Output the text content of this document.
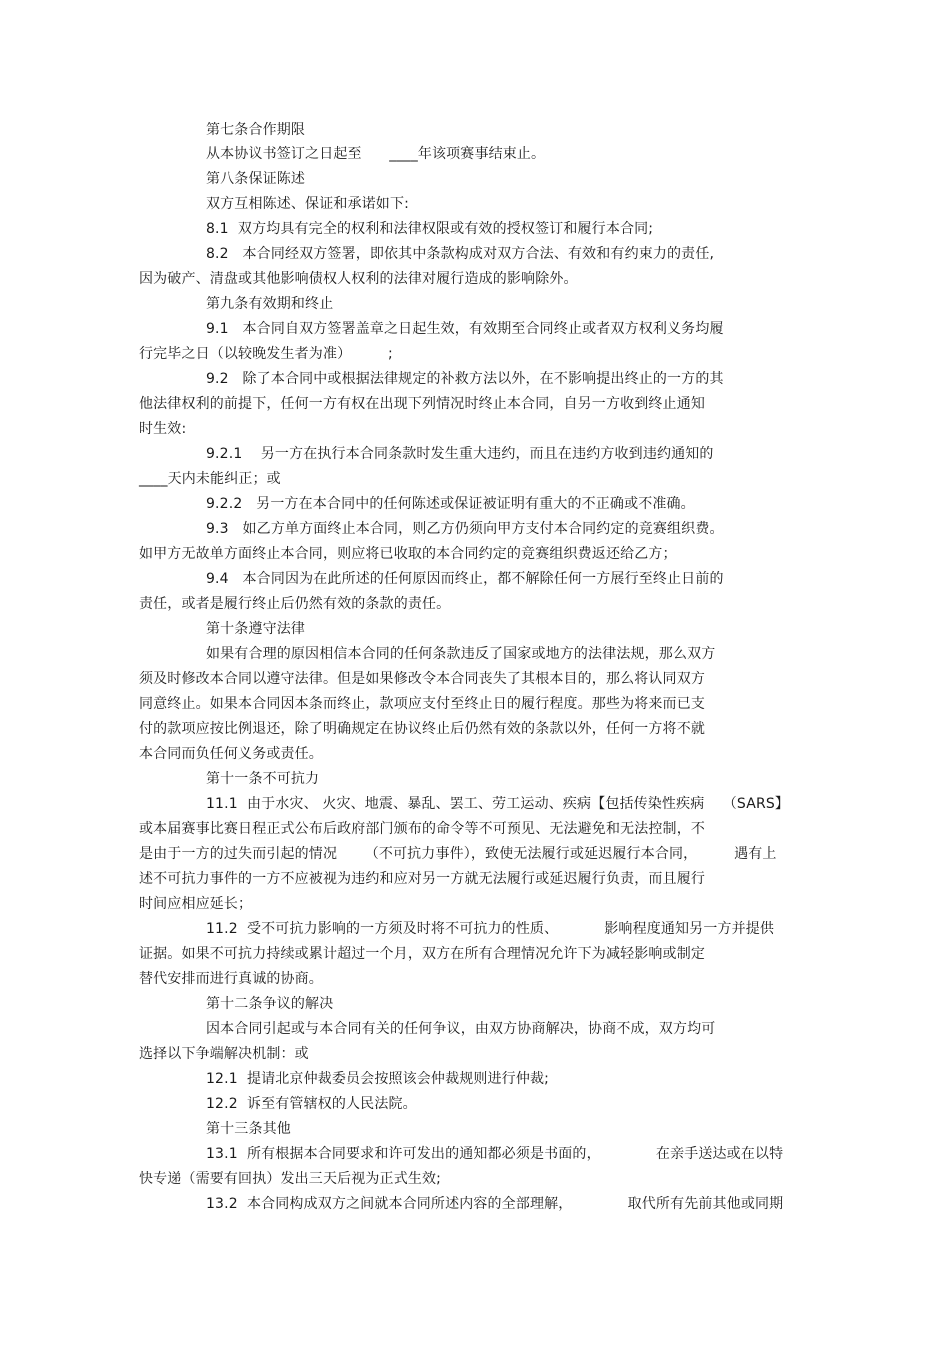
第七条合作期限
从本协议书签订之日起至      ____年该项赛事结束止。
第八条保证陈述
双方互相陈述、保证和承诺如下:
8.1  双方均具有完全的权利和法律权限或有效的授权签订和履行本合同;
8.2   本合同经双方签署，即依其中条款构成对双方合法、有效和有约束力的责任,
因为破产、清盘或其他影响债权人权利的法律对履行造成的影响除外。
第九条有效期和终止
9.1   本合同自双方签署盖章之日起生效，有效期至合同终止或者双方权利义务均履
行完毕之日（以较晚发生者为准）        ;
9.2   除了本合同中或根据法律规定的补救方法以外，在不影响提出终止的一方的其
他法律权利的前提下，任何一方有权在出现下列情况时终止本合同，自另一方收到终止通知
时生效:
9.2.1    另一方在执行本合同条款时发生重大违约，而且在违约方收到违约通知的
____天内未能纠正；或
9.2.2   另一方在本合同中的任何陈述或保证被证明有重大的不正确或不准确。
9.3   如乙方单方面终止本合同，则乙方仍须向甲方支付本合同约定的竞赛组织费。
如甲方无故单方面终止本合同，则应将已收取的本合同约定的竞赛组织费返还给乙方；
9.4   本合同因为在此所述的任何原因而终止，都不解除任何一方展行至终止日前的
责任，或者是履行终止后仍然有效的条款的责任。
第十条遵守法律
如果有合理的原因相信本合同的任何条款违反了国家或地方的法律法规，那么双方
须及时修改本合同以遵守法律。但是如果修改令本合同丧失了其根本目的，那么将认同双方
同意终止。如果本合同因本条而终止，款项应支付至终止日的履行程度。那些为将来而已支
付的款项应按比例退还，除了明确规定在协议终止后仍然有效的条款以外，任何一方将不就
本合同而负任何义务或责任。
第十一条不可抗力
11.1  由于水灾、 火灾、地震、暴乱、罢工、劳工运动、疾病【包括传染性疾病    （SARS】
或本届赛事比赛日程正式公布后政府部门颁布的命令等不可预见、无法避免和无法控制，不
是由于一方的过失而引起的情况      （不可抗力事件），致使无法履行或延迟履行本合同，        遇有上
述不可抗力事件的一方不应被视为违约和应对另一方就无法履行或延迟履行负责，而且履行
时间应相应延长；
11.2  受不可抗力影响的一方须及时将不可抗力的性质、          影响程度通知另一方并提供
证据。如果不可抗力持续或累计超过一个月，双方在所有合理情况允许下为减轻影响或制定
替代安排而进行真诚的协商。
第十二条争议的解决
因本合同引起或与本合同有关的任何争议，由双方协商解决，协商不成，双方均可
选择以下争端解决机制：或
12.1  提请北京仲裁委员会按照该会仲裁规则进行仲裁;
12.2  诉至有管辖权的人民法院。
第十三条其他
13.1  所有根据本合同要求和许可发出的通知都必须是书面的，            在亲手送达或在以特
快专递（需要有回执）发出三天后视为正式生效;
13.2  本合同构成双方之间就本合同所述内容的全部理解，            取代所有先前其他或同期
